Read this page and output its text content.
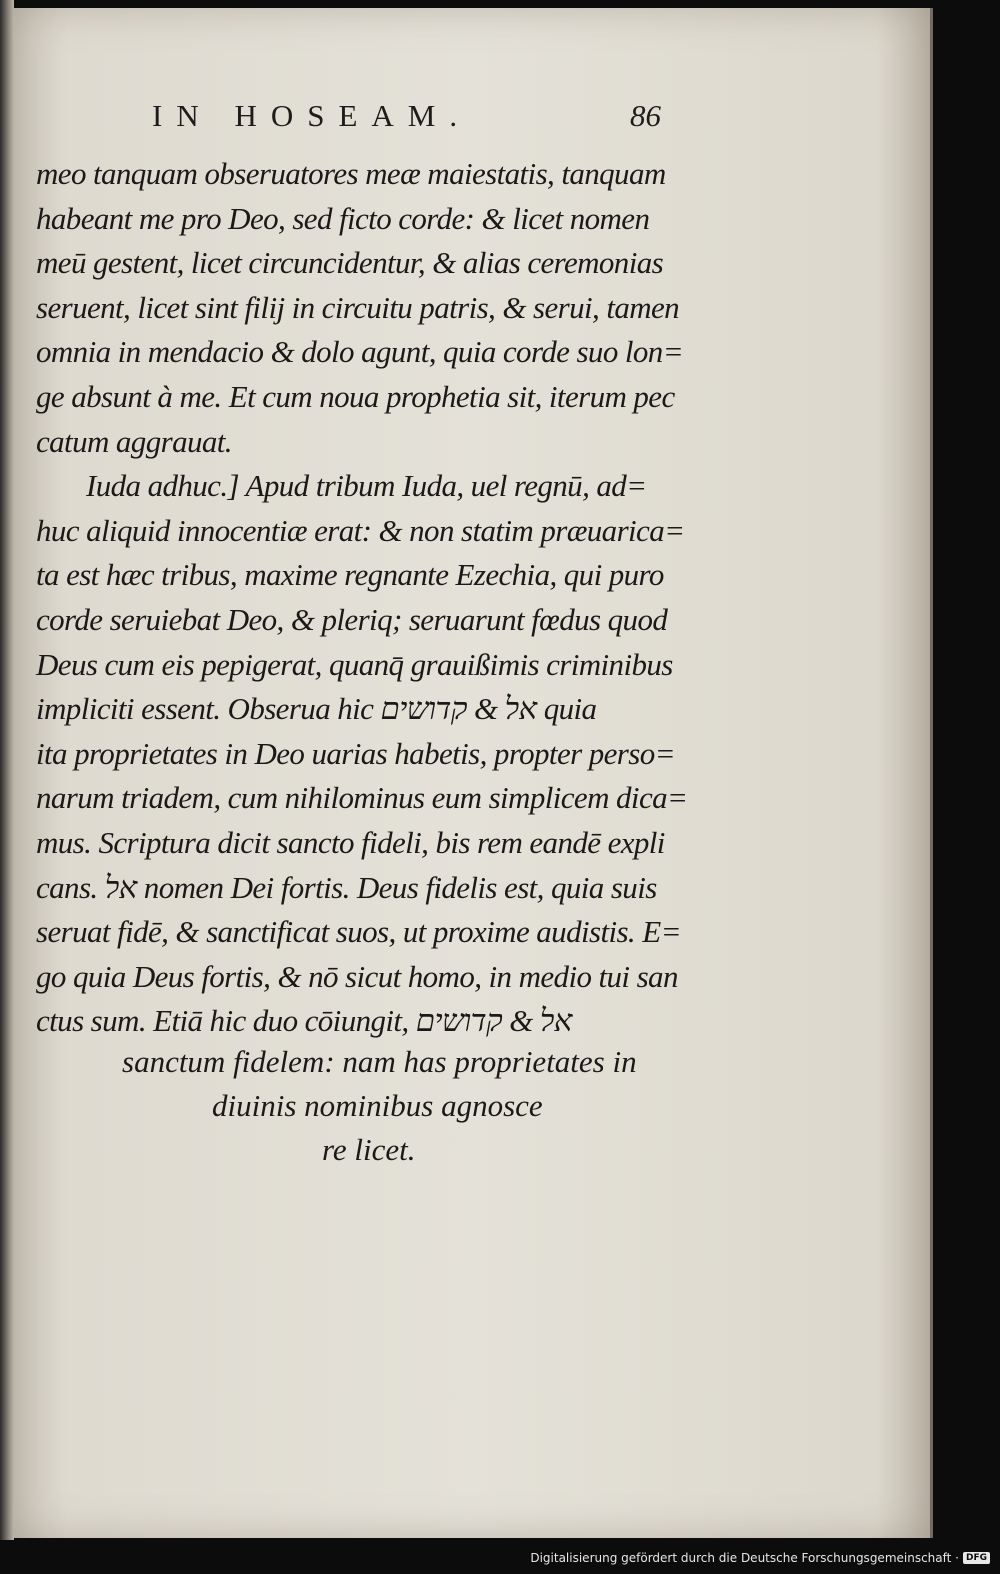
IN HOSEAM.	86
meo tanquam obseruatores meæ maiestatis, tanquam
habeant me pro Deo, sed ficto corde: & licet nomen
meū gestent, licet circuncidentur, & alias ceremonias
seruent, licet sint filij in circuitu patris, & serui, tamen
omnia in mendacio & dolo agunt, quia corde suo lon=
ge absunt à me. Et cum noua prophetia sit, iterum pec
catum aggrauat.
Iuda adhuc.] Apud tribum Iuda, uel regnū, ad=
huc aliquid innocentiæ erat: & non statim præuarica=
ta est hæc tribus, maxime regnante Ezechia, qui puro
corde seruiebat Deo, & pleriq; seruarunt fœdus quod
Deus cum eis pepigerat, quanq̄ grauißimis criminibus
impliciti essent. Obserua hic אל & קדושים quia
ita proprietates in Deo uarias habetis, propter perso=
narum triadem, cum nihilominus eum simplicem dica=
mus. Scriptura dicit sancto fideli, bis rem eandē expli
cans. אל nomen Dei fortis. Deus fidelis est, quia suis
seruat fidē, & sanctificat suos, ut proxime audistis. E=
go quia Deus fortis, & nō sicut homo, in medio tui san
ctus sum. Etiā hic duo cōiungit, אל & קדושים
sanctum fidelem: nam has proprietates in
diuinis nominibus agnosce
re licet.
Digitalisierung gefördert durch die Deutsche Forschungsgemeinschaft · DFG
